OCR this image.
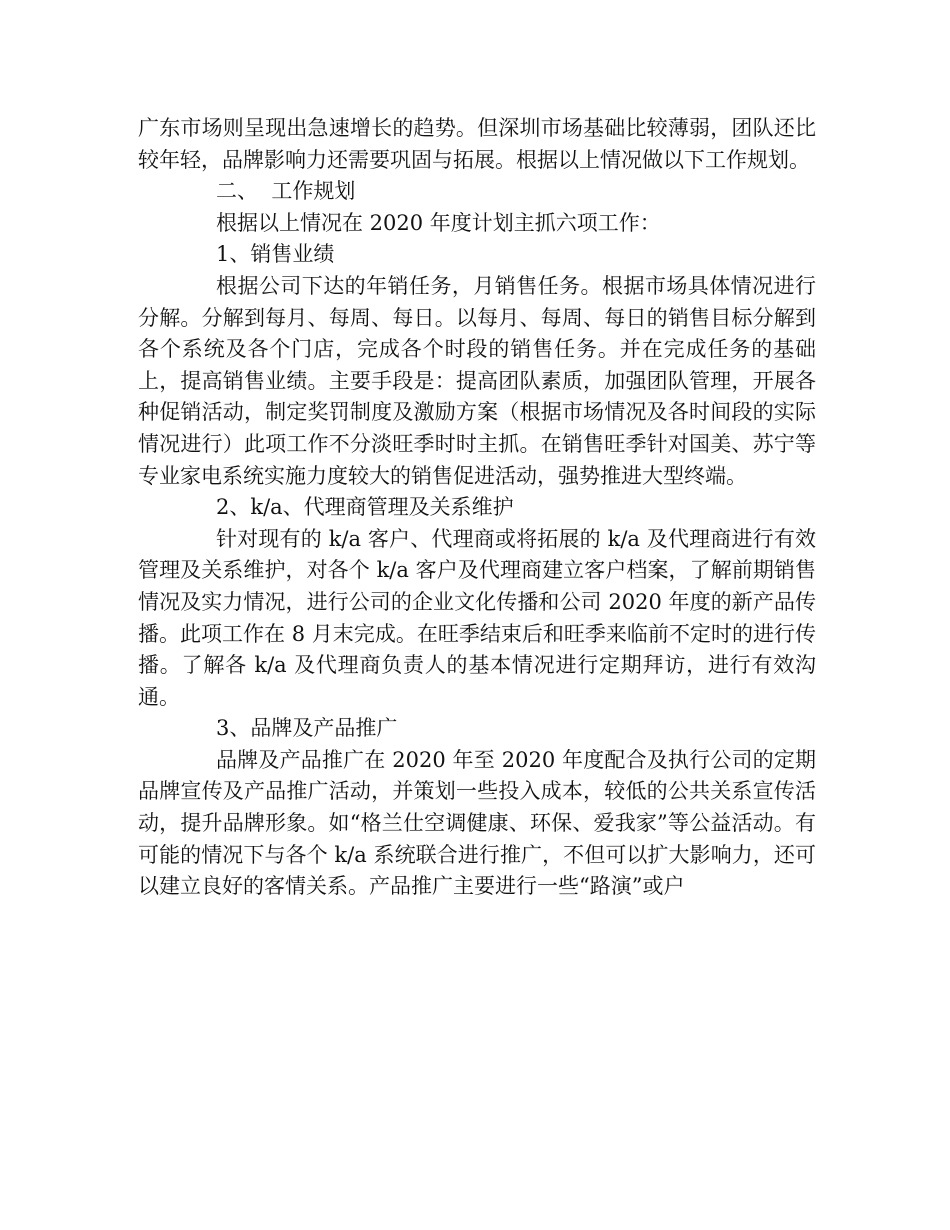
广东市场则呈现出急速增长的趋势。但深圳市场基础比较薄弱，团队还比较年轻，品牌影响力还需要巩固与拓展。根据以上情况做以下工作规划。

二、  工作规划

根据以上情况在 2020 年度计划主抓六项工作：

1、销售业绩

根据公司下达的年销任务，月销售任务。根据市场具体情况进行分解。分解到每月、每周、每日。以每月、每周、每日的销售目标分解到各个系统及各个门店，完成各个时段的销售任务。并在完成任务的基础上，提高销售业绩。主要手段是：提高团队素质，加强团队管理，开展各种促销活动，制定奖罚制度及激励方案（根据市场情况及各时间段的实际情况进行）此项工作不分淡旺季时时主抓。在销售旺季针对国美、苏宁等专业家电系统实施力度较大的销售促进活动，强势推进大型终端。

2、k/a、代理商管理及关系维护

针对现有的 k/a 客户、代理商或将拓展的 k/a 及代理商进行有效管理及关系维护，对各个 k/a 客户及代理商建立客户档案，了解前期销售情况及实力情况，进行公司的企业文化传播和公司 2020 年度的新产品传播。此项工作在 8 月末完成。在旺季结束后和旺季来临前不定时的进行传播。了解各 k/a 及代理商负责人的基本情况进行定期拜访，进行有效沟通。

3、品牌及产品推广

品牌及产品推广在 2020 年至 2020 年度配合及执行公司的定期品牌宣传及产品推广活动，并策划一些投入成本，较低的公共关系宣传活动，提升品牌形象。如“格兰仕空调健康、环保、爱我家”等公益活动。有可能的情况下与各个 k/a 系统联合进行推广，不但可以扩大影响力，还可以建立良好的客情关系。产品推广主要进行一些“路演”或户
